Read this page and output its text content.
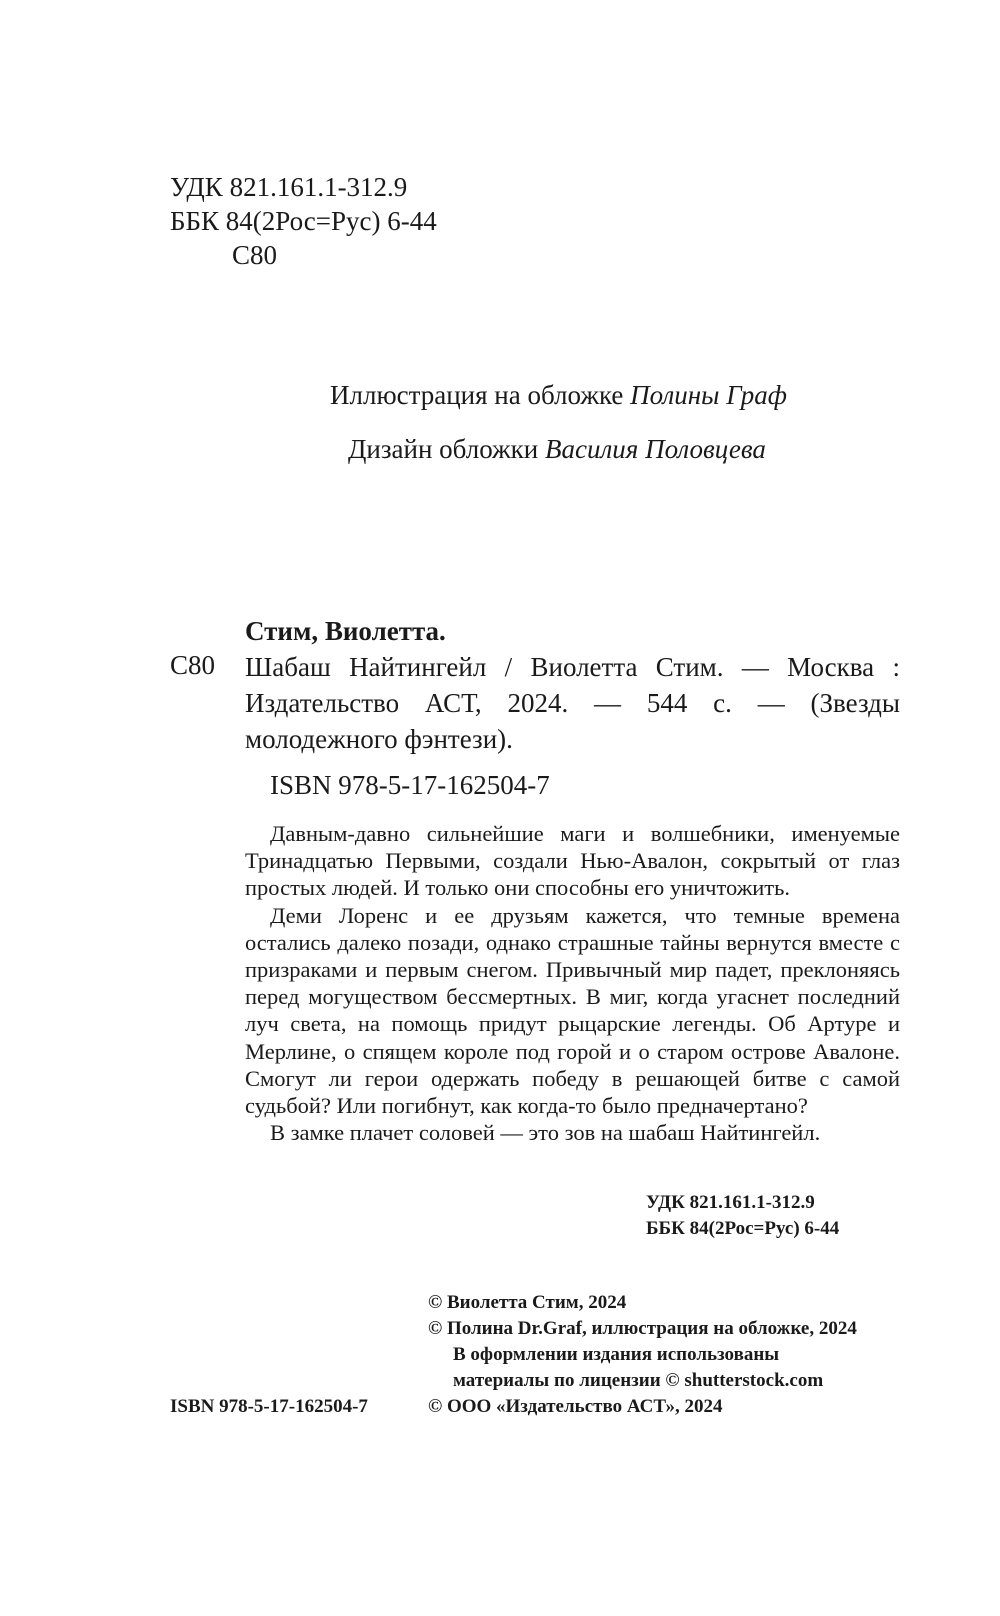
УДК 821.161.1-312.9
ББК 84(2Рос=Рус) 6-44
С80
Иллюстрация на обложке Полины Граф
Дизайн обложки Василия Половцева
С80
Стим, Виолетта.
Шабаш Найтингейл / Виолетта Стим. — Москва : Издательство АСТ, 2024. — 544 с. — (Звезды молодежного фэнтези).
ISBN 978-5-17-162504-7

Давным-давно сильнейшие маги и волшебники, именуемые Тринадцатью Первыми, создали Нью-Авалон, сокрытый от глаз простых людей. И только они способны его уничтожить.

Деми Лоренс и ее друзьям кажется, что темные времена остались далеко позади, однако страшные тайны вернутся вместе с призраками и первым снегом. Привычный мир падет, преклоняясь перед могуществом бессмертных. В миг, когда угаснет последний луч света, на помощь придут рыцарские легенды. Об Артуре и Мерлине, о спящем короле под горой и о старом острове Авалоне. Смогут ли герои одержать победу в решающей битве с самой судьбой? Или погибнут, как когда-то было предначертано?

В замке плачет соловей — это зов на шабаш Найтингейл.

УДК 821.161.1-312.9
ББК 84(2Рос=Рус) 6-44
ISBN 978-5-17-162504-7
© Виолетта Стим, 2024
© Полина Dr.Graf, иллюстрация на обложке, 2024
В оформлении издания использованы
материалы по лицензии © shutterstock.com
© ООО «Издательство АСТ», 2024
